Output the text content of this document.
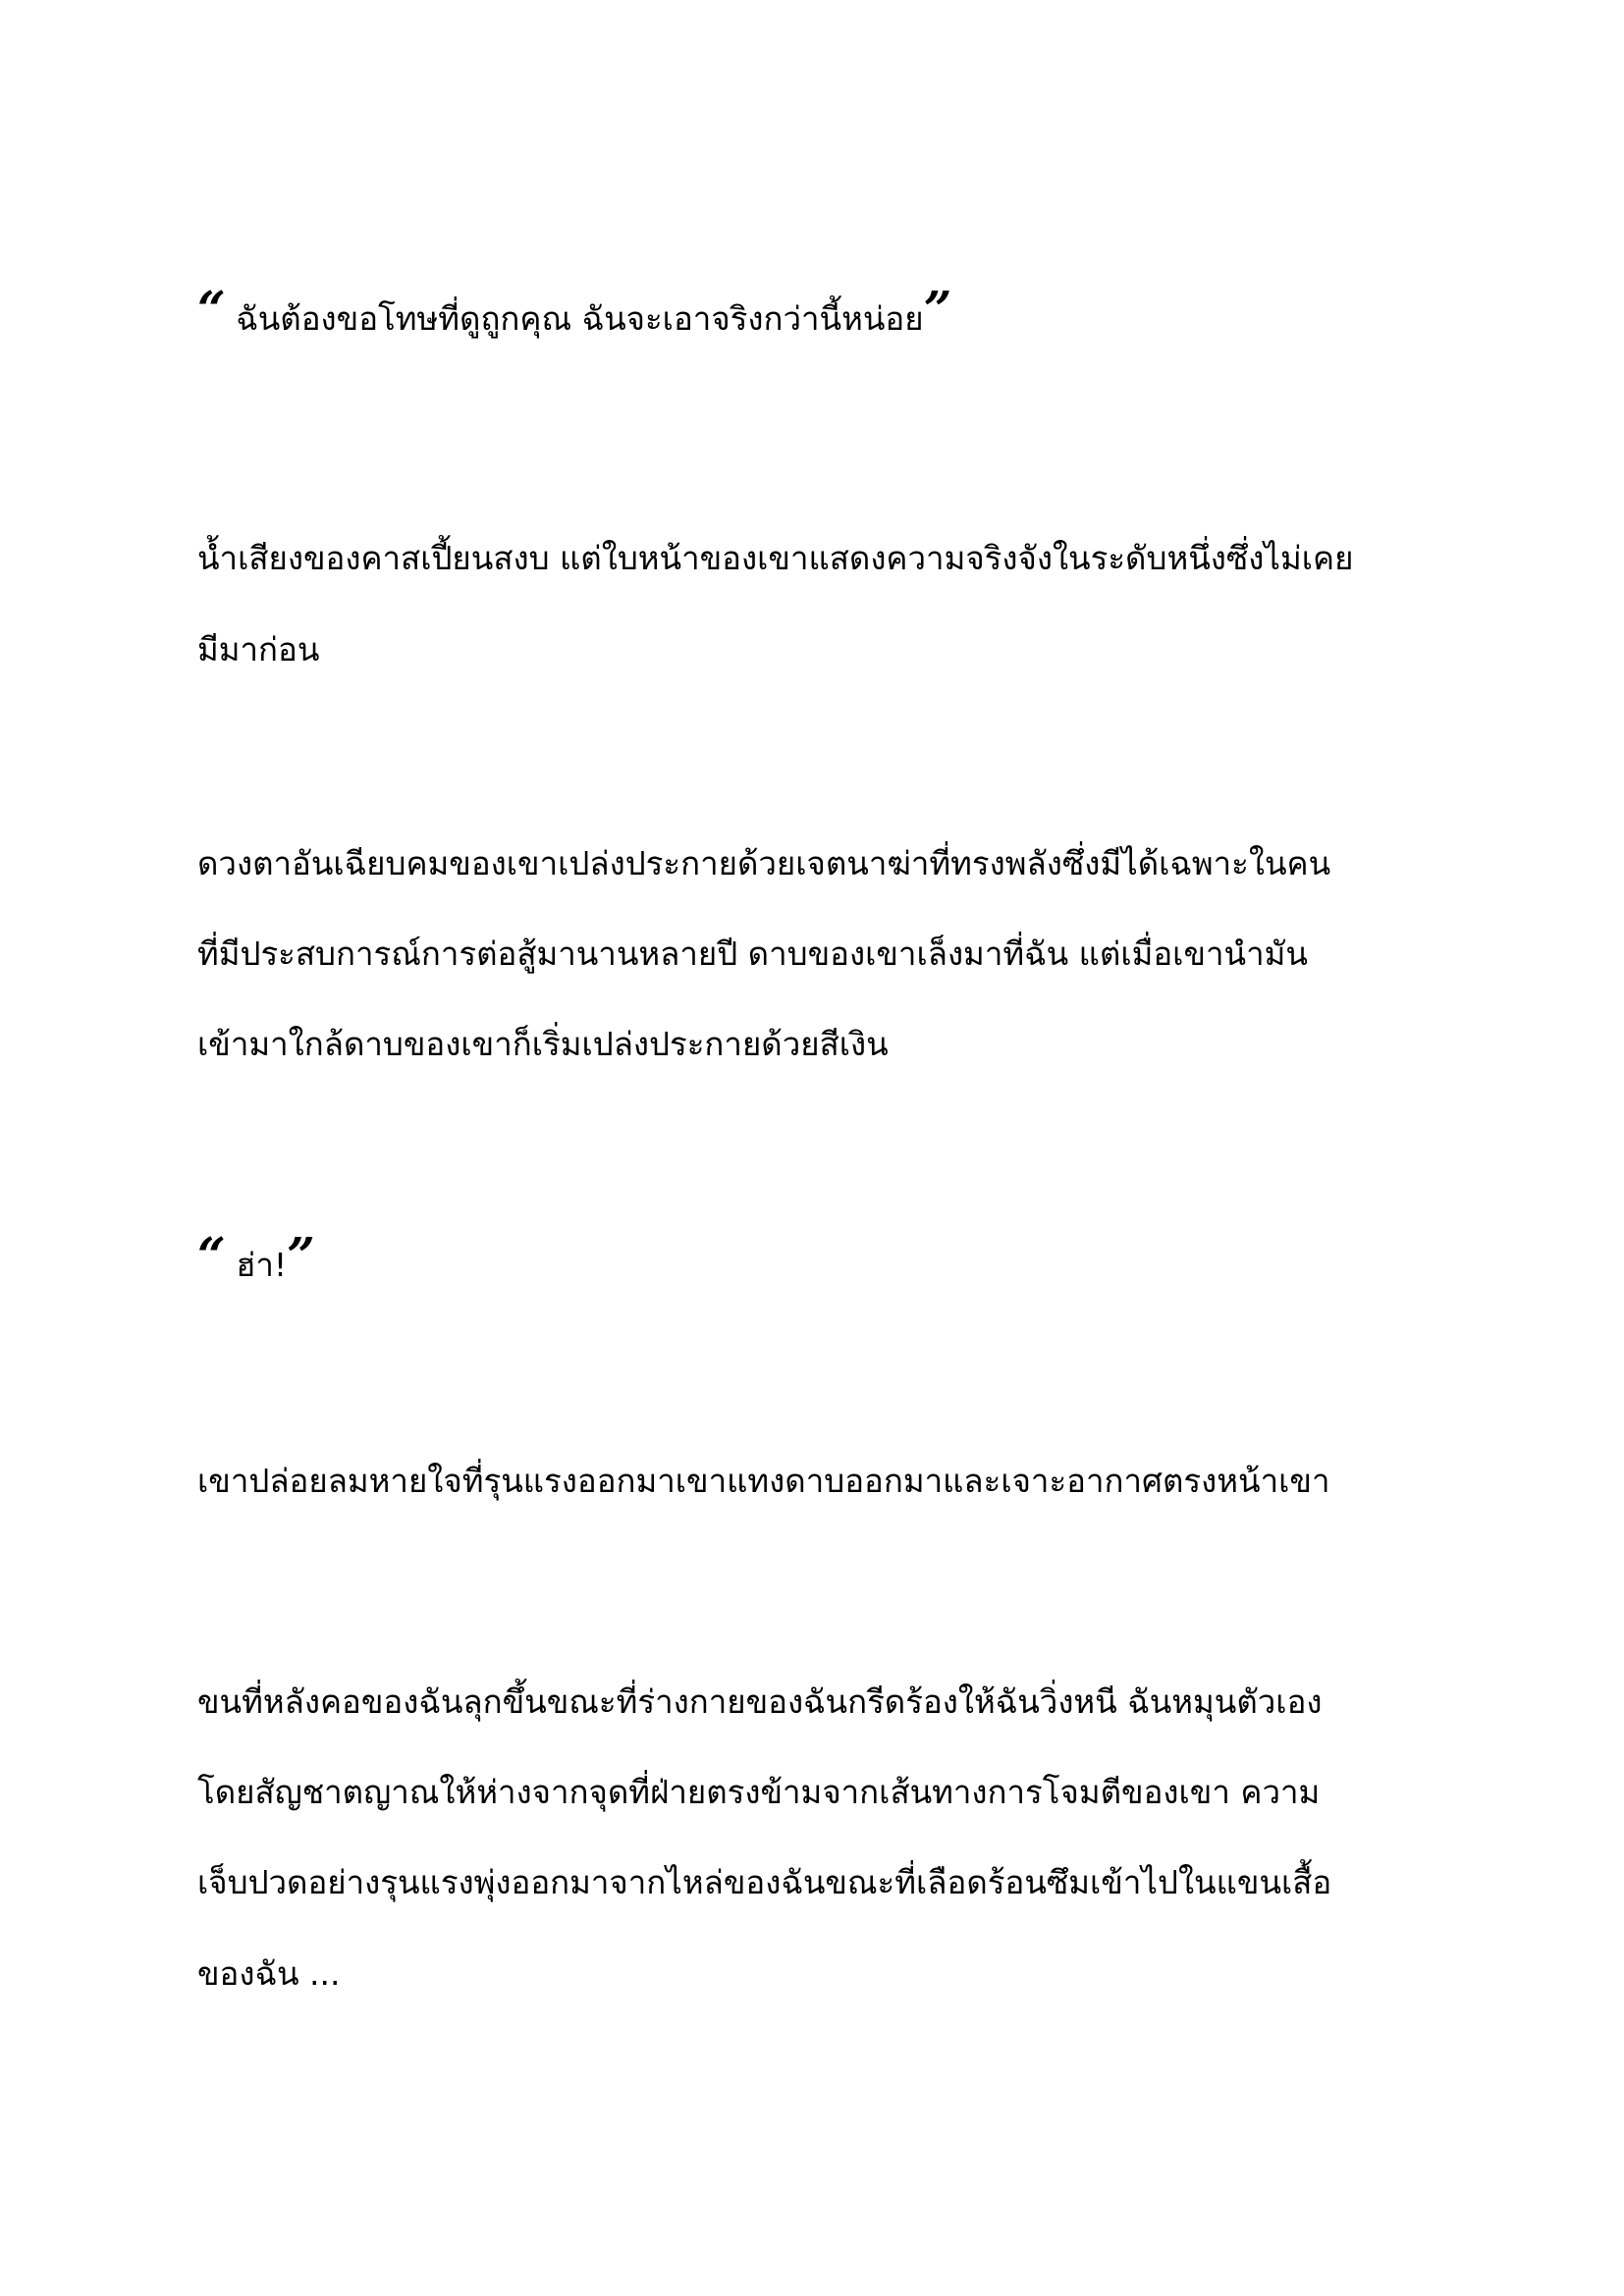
“ ฉันต้องขอโทษที่ดูถูกคุณ ฉันจะเอาจริงกว่านี้หน่อย”

น้ำเสียงของคาสเปี้ยนสงบ แต่ใบหน้าของเขาแสดงความจริงจังในระดับหนึ่งซึ่งไม่เคย

มีมาก่อน

ดวงตาอันเฉียบคมของเขาเปล่งประกายด้วยเจตนาฆ่าที่ทรงพลังซึ่งมีได้เฉพาะในคน

ที่มีประสบการณ์การต่อสู้มานานหลายปี ดาบของเขาเล็งมาที่ฉัน แต่เมื่อเขานำมัน

เข้ามาใกล้ดาบของเขาก็เริ่มเปล่งประกายด้วยสีเงิน

“ ฮ่า!”

เขาปล่อยลมหายใจที่รุนแรงออกมาเขาแทงดาบออกมาและเจาะอากาศตรงหน้าเขา

ขนที่หลังคอของฉันลุกขึ้นขณะที่ร่างกายของฉันกรีดร้องให้ฉันวิ่งหนี ฉันหมุนตัวเอง

โดยสัญชาตญาณให้ห่างจากจุดที่ฝ่ายตรงข้ามจากเส้นทางการโจมตีของเขา ความ

เจ็บปวดอย่างรุนแรงพุ่งออกมาจากไหล่ของฉันขณะที่เลือดร้อนซึมเข้าไปในแขนเสื้อ

ของฉัน ...
